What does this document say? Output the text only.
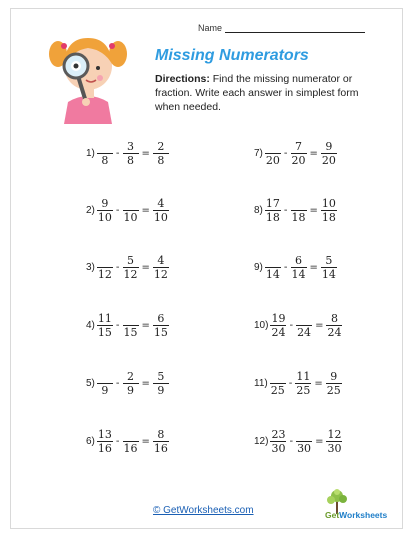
Name
Missing Numerators
Directions: Find the missing numerator or fraction. Write each answer in simplest form when needed.
1)
8
- $\frac{3}{8} = \frac{2}{8}$
$2) \frac{9}{10}$ -
10
= $\frac{4}{10}$
3)
12
- $\frac{5}{12} = \frac{4}{12}$
$4) \frac{11}{15}$ -
15
= $\frac{6}{15}$
5)
9
- $\frac{2}{9} = \frac{5}{9}$
$6) \frac{13}{16}$ -
16
= $\frac{8}{16}$
7)
20
- $\frac{7}{20} = \frac{9}{20}$
$8) \frac{17}{18}$ -
18
= $\frac{10}{18}$
9)
14
- $\frac{6}{14} = \frac{5}{14}$
$10) \frac{19}{24}$ -
24
= $\frac{8}{24}$
11)
25
- $\frac{11}{25} = \frac{9}{25}$
$12) \frac{23}{30}$ -
30
= $\frac{12}{30}$
© GetWorksheets.com	GetWorksheets
